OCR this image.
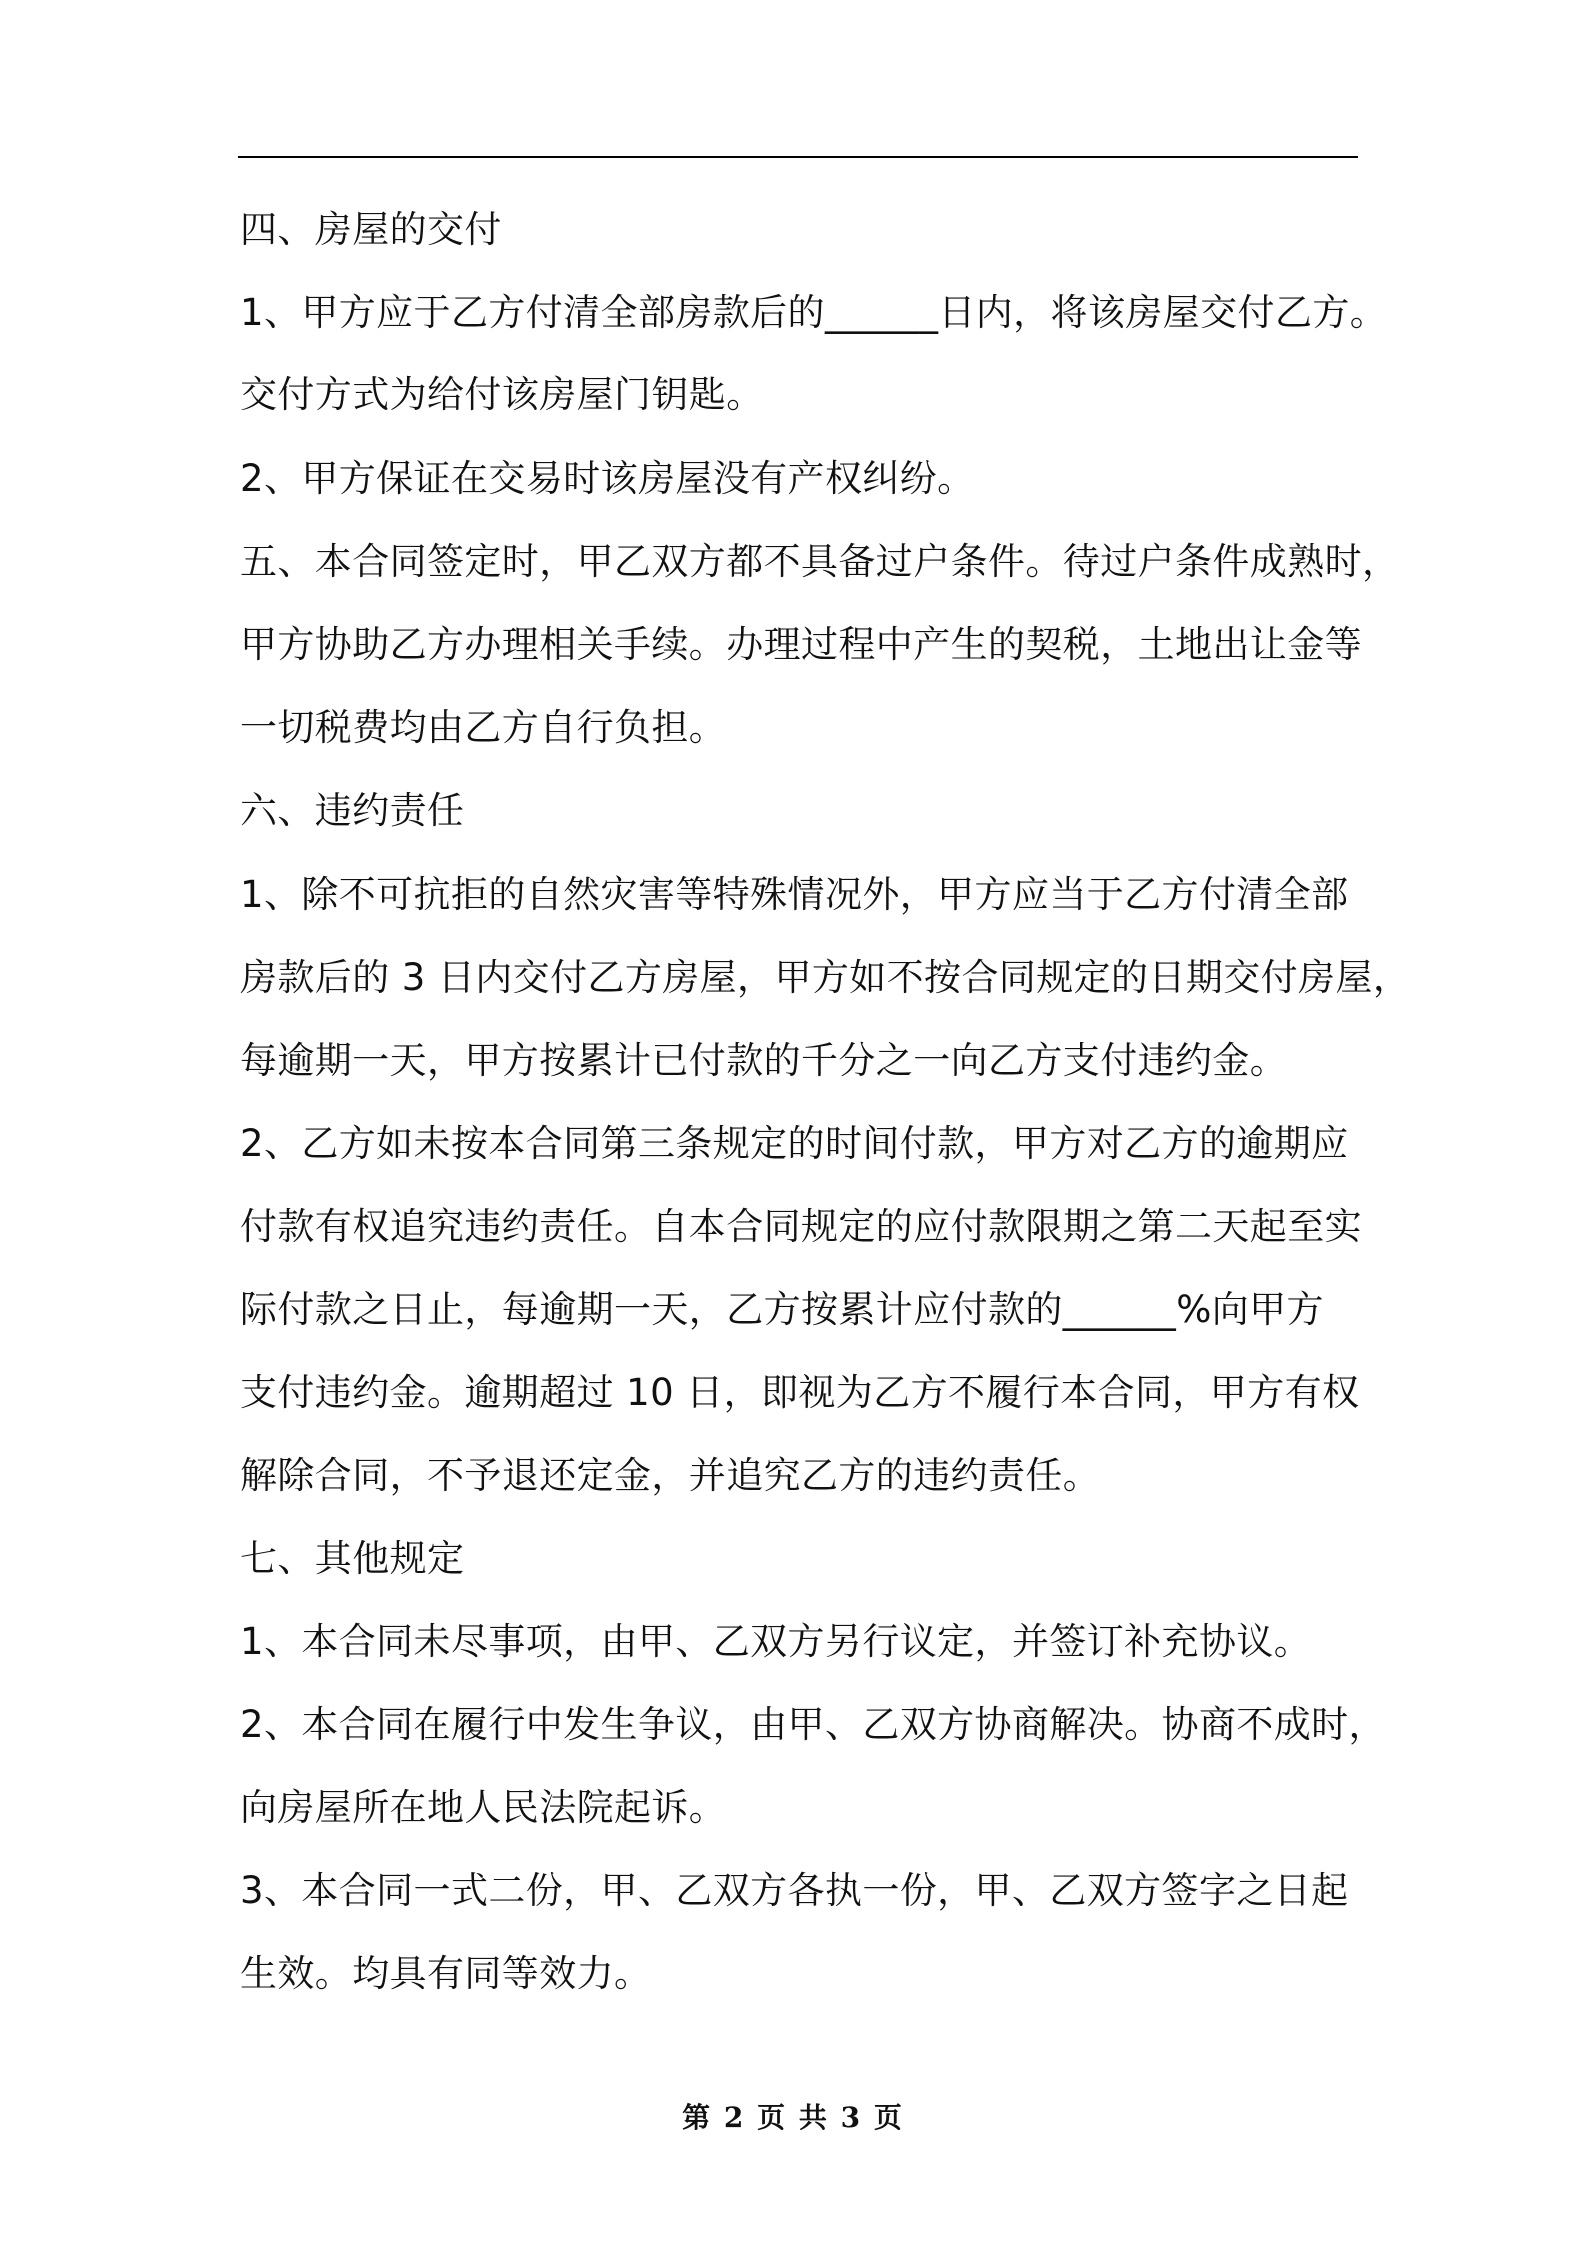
四、房屋的交付
1、甲方应于乙方付清全部房款后的______日内，将该房屋交付乙方。
交付方式为给付该房屋门钥匙。
2、甲方保证在交易时该房屋没有产权纠纷。
五、本合同签定时，甲乙双方都不具备过户条件。待过户条件成熟时，
甲方协助乙方办理相关手续。办理过程中产生的契税，土地出让金等
一切税费均由乙方自行负担。
六、违约责任
1、除不可抗拒的自然灾害等特殊情况外，甲方应当于乙方付清全部
房款后的 3 日内交付乙方房屋，甲方如不按合同规定的日期交付房屋，
每逾期一天，甲方按累计已付款的千分之一向乙方支付违约金。
2、乙方如未按本合同第三条规定的时间付款，甲方对乙方的逾期应
付款有权追究违约责任。自本合同规定的应付款限期之第二天起至实
际付款之日止，每逾期一天，乙方按累计应付款的______%向甲方
支付违约金。逾期超过 10 日，即视为乙方不履行本合同，甲方有权
解除合同，不予退还定金，并追究乙方的违约责任。
七、其他规定
1、本合同未尽事项，由甲、乙双方另行议定，并签订补充协议。
2、本合同在履行中发生争议，由甲、乙双方协商解决。协商不成时，
向房屋所在地人民法院起诉。
3、本合同一式二份，甲、乙双方各执一份，甲、乙双方签字之日起
生效。均具有同等效力。
第 2 页 共 3 页
